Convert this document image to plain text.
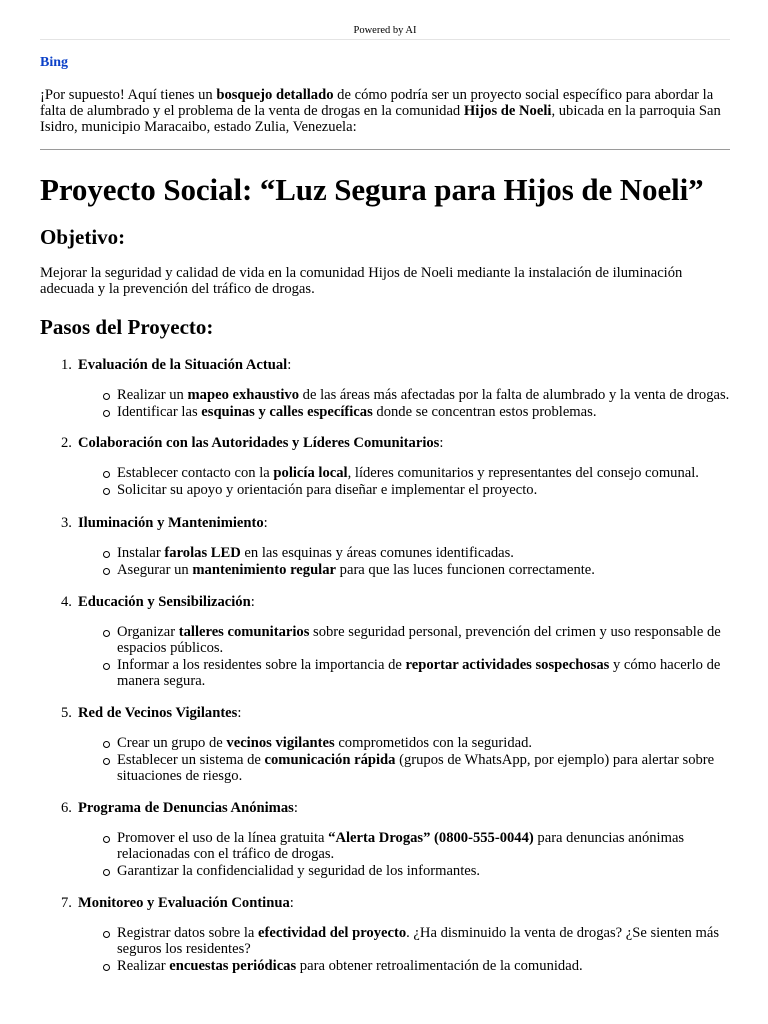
Powered by AI
Bing

¡Por supuesto! Aquí tienes un bosquejo detallado de cómo podría ser un proyecto social específico para abordar la falta de alumbrado y el problema de la venta de drogas en la comunidad Hijos de Noeli, ubicada en la parroquia San Isidro, municipio Maracaibo, estado Zulia, Venezuela:

Proyecto Social: “Luz Segura para Hijos de Noeli”
Objetivo:

Mejorar la seguridad y calidad de vida en la comunidad Hijos de Noeli mediante la instalación de iluminación adecuada y la prevención del tráfico de drogas.

Pasos del Proyecto:
1. Evaluación de la Situación Actual:
Realizar un mapeo exhaustivo de las áreas más afectadas por la falta de alumbrado y la venta de drogas.
Identificar las esquinas y calles específicas donde se concentran estos problemas.
2. Colaboración con las Autoridades y Líderes Comunitarios:
Establecer contacto con la policía local, líderes comunitarios y representantes del consejo comunal.
Solicitar su apoyo y orientación para diseñar e implementar el proyecto.
3. Iluminación y Mantenimiento:
Instalar farolas LED en las esquinas y áreas comunes identificadas.
Asegurar un mantenimiento regular para que las luces funcionen correctamente.
4. Educación y Sensibilización:
Organizar talleres comunitarios sobre seguridad personal, prevención del crimen y uso responsable de espacios públicos.
Informar a los residentes sobre la importancia de reportar actividades sospechosas y cómo hacerlo de manera segura.
5. Red de Vecinos Vigilantes:
Crear un grupo de vecinos vigilantes comprometidos con la seguridad.
Establecer un sistema de comunicación rápida (grupos de WhatsApp, por ejemplo) para alertar sobre situaciones de riesgo.
6. Programa de Denuncias Anónimas:
Promover el uso de la línea gratuita “Alerta Drogas” (0800-555-0044) para denuncias anónimas relacionadas con el tráfico de drogas.
Garantizar la confidencialidad y seguridad de los informantes.
7. Monitoreo y Evaluación Continua:
Registrar datos sobre la efectividad del proyecto. ¿Ha disminuido la venta de drogas? ¿Se sienten más seguros los residentes?
Realizar encuestas periódicas para obtener retroalimentación de la comunidad.
